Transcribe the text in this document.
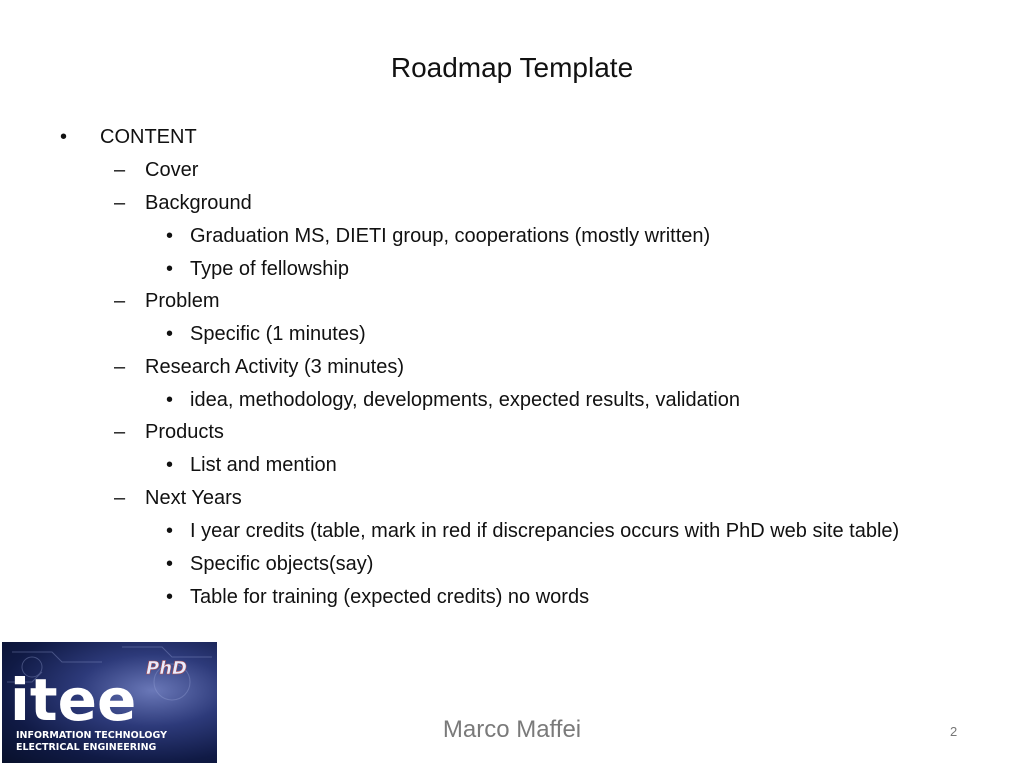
Roadmap Template
• CONTENT
– Cover
– Background
• Graduation MS, DIETI group, cooperations (mostly written)
• Type of fellowship
– Problem
• Specific (1 minutes)
– Research Activity (3 minutes)
• idea, methodology, developments, expected results, validation
– Products
• List and mention
– Next Years
• I year credits (table, mark in red if discrepancies occurs with PhD web site table)
• Specific objects(say)
• Table for training (expected credits) no words
PhD
itee
INFORMATION TECHNOLOGY
ELECTRICAL ENGINEERING
Marco Maffei	2
